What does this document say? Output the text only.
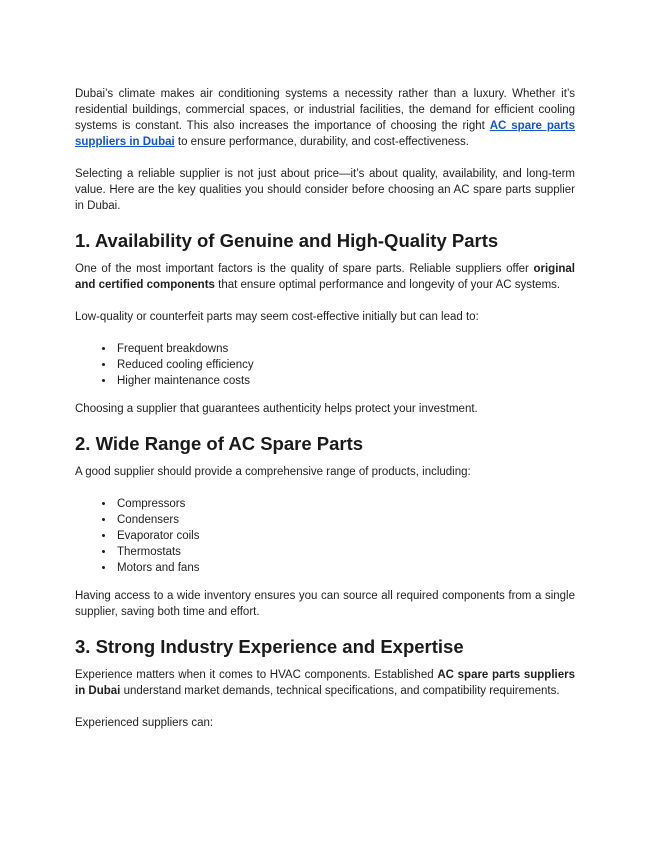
Dubai’s climate makes air conditioning systems a necessity rather than a luxury. Whether it’s residential buildings, commercial spaces, or industrial facilities, the demand for efficient cooling systems is constant. This also increases the importance of choosing the right AC spare parts suppliers in Dubai to ensure performance, durability, and cost-effectiveness.

Selecting a reliable supplier is not just about price—it’s about quality, availability, and long-term value. Here are the key qualities you should consider before choosing an AC spare parts supplier in Dubai.

1. Availability of Genuine and High-Quality Parts

One of the most important factors is the quality of spare parts. Reliable suppliers offer original and certified components that ensure optimal performance and longevity of your AC systems.

Low-quality or counterfeit parts may seem cost-effective initially but can lead to:

• Frequent breakdowns
• Reduced cooling efficiency
• Higher maintenance costs

Choosing a supplier that guarantees authenticity helps protect your investment.

2. Wide Range of AC Spare Parts

A good supplier should provide a comprehensive range of products, including:

• Compressors
• Condensers
• Evaporator coils
• Thermostats
• Motors and fans

Having access to a wide inventory ensures you can source all required components from a single supplier, saving both time and effort.

3. Strong Industry Experience and Expertise

Experience matters when it comes to HVAC components. Established AC spare parts suppliers in Dubai understand market demands, technical specifications, and compatibility requirements.

Experienced suppliers can:
